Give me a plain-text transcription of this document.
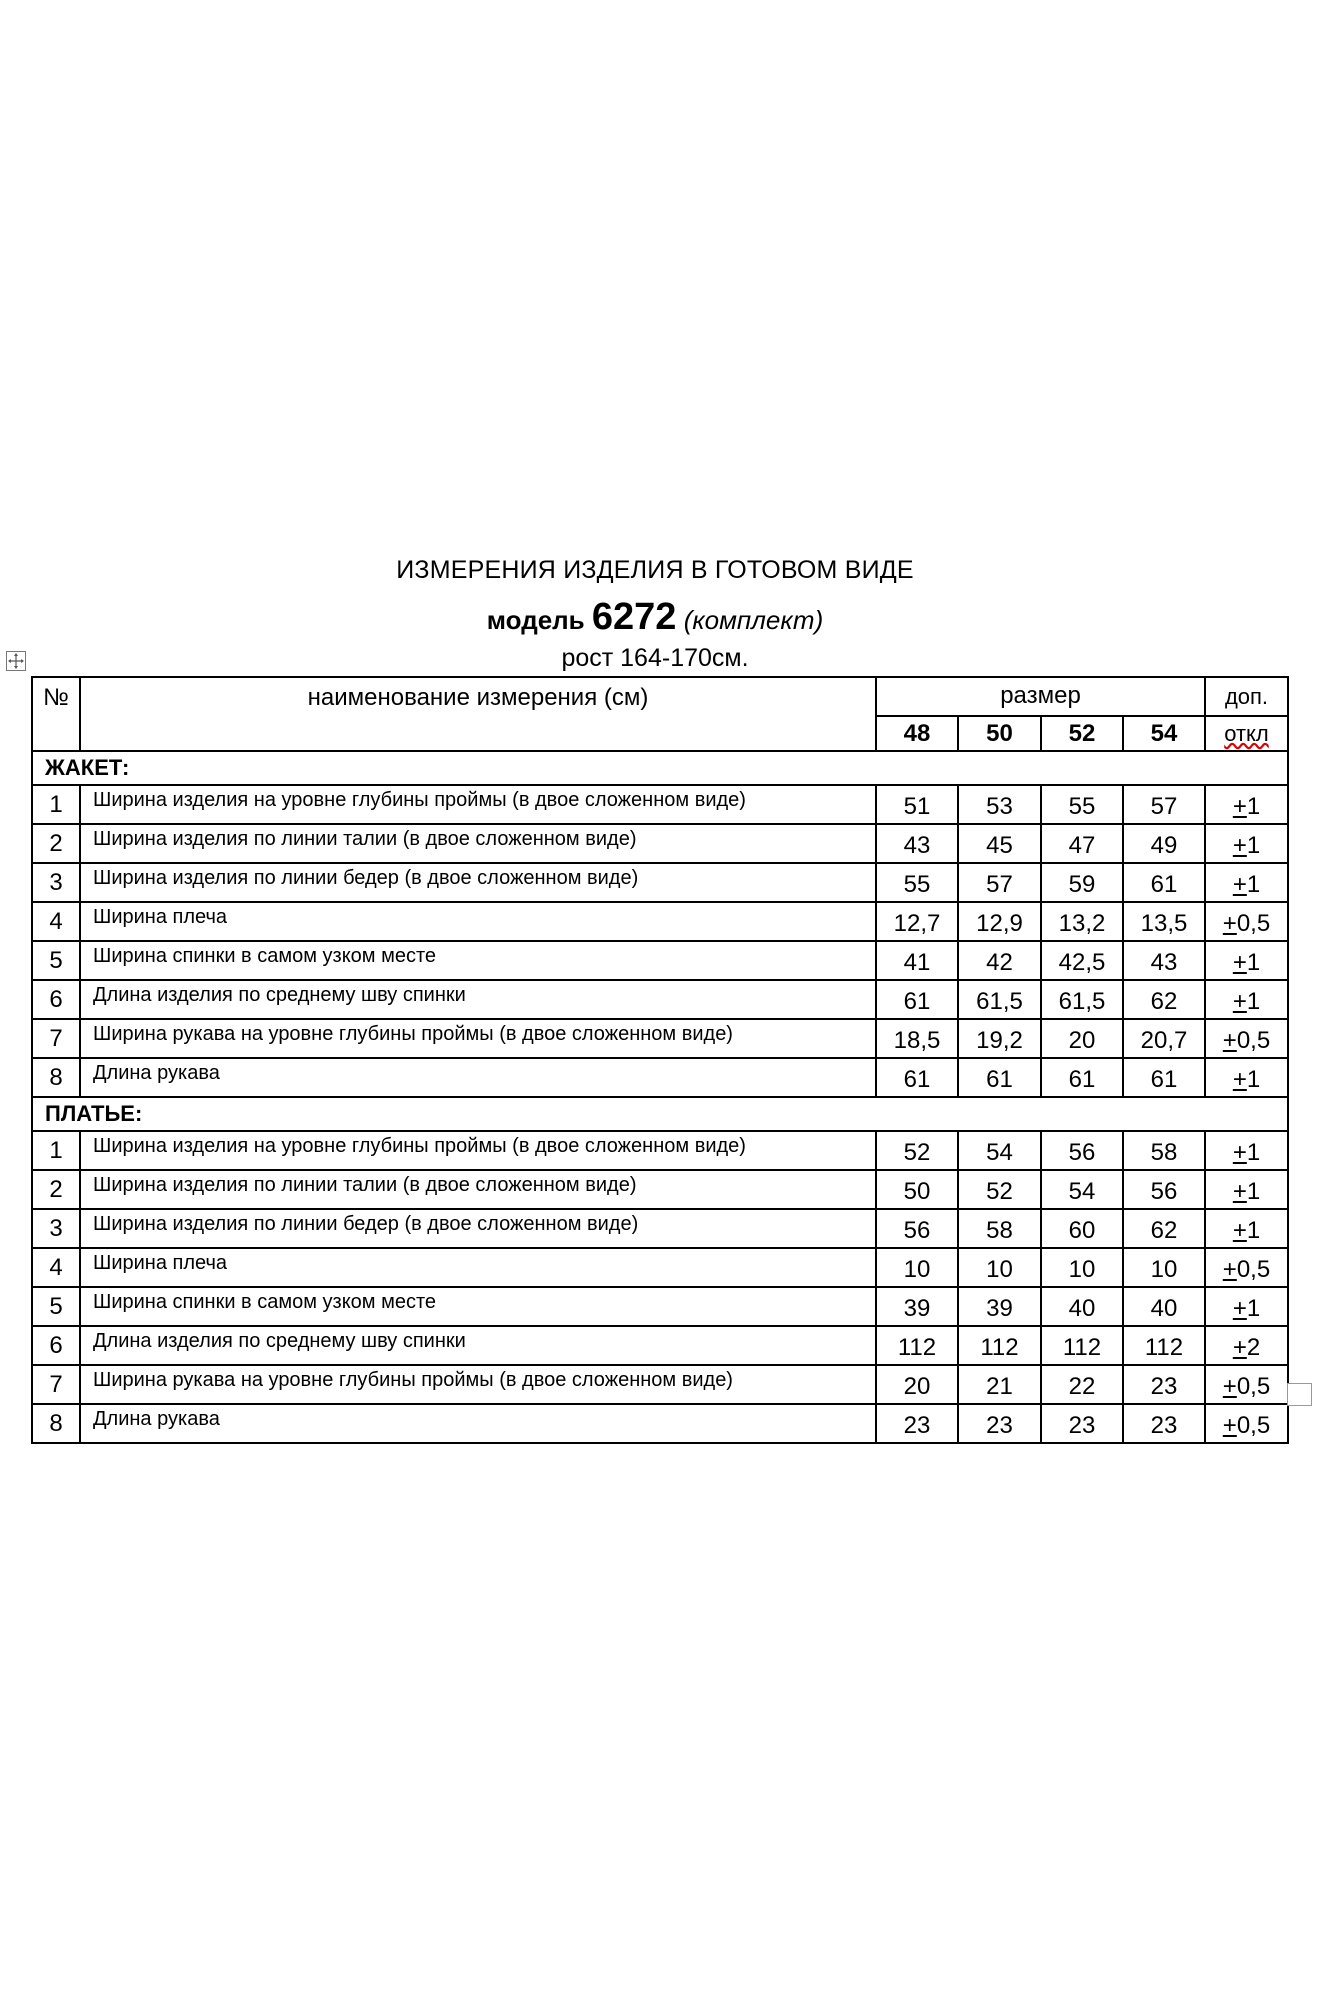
ИЗМЕРЕНИЯ ИЗДЕЛИЯ В ГОТОВОМ ВИДЕ
модель 6272 (комплект)
рост 164-170см.
№	наименование измерения (см)	размер				доп.
		48	50	52	54	откл
ЖАКЕТ:						
1	Ширина изделия на уровне глубины проймы (в двое сложенном виде)	51	53	55	57	+1
2	Ширина изделия по линии талии (в двое сложенном виде)	43	45	47	49	+1
3	Ширина изделия по линии бедер (в двое сложенном виде)	55	57	59	61	+1
4	Ширина плеча	12,7	12,9	13,2	13,5	+0,5
5	Ширина спинки в самом узком месте	41	42	42,5	43	+1
6	Длина изделия по среднему шву спинки	61	61,5	61,5	62	+1
7	Ширина рукава на уровне глубины проймы (в двое сложенном виде)	18,5	19,2	20	20,7	+0,5
8	Длина рукава	61	61	61	61	+1
ПЛАТЬЕ:						
1	Ширина изделия на уровне глубины проймы (в двое сложенном виде)	52	54	56	58	+1
2	Ширина изделия по линии талии (в двое сложенном виде)	50	52	54	56	+1
3	Ширина изделия по линии бедер (в двое сложенном виде)	56	58	60	62	+1
4	Ширина плеча	10	10	10	10	+0,5
5	Ширина спинки в самом узком месте	39	39	40	40	+1
6	Длина изделия по среднему шву спинки	112	112	112	112	+2
7	Ширина рукава на уровне глубины проймы (в двое сложенном виде)	20	21	22	23	+0,5
8	Длина рукава	23	23	23	23	+0,5
